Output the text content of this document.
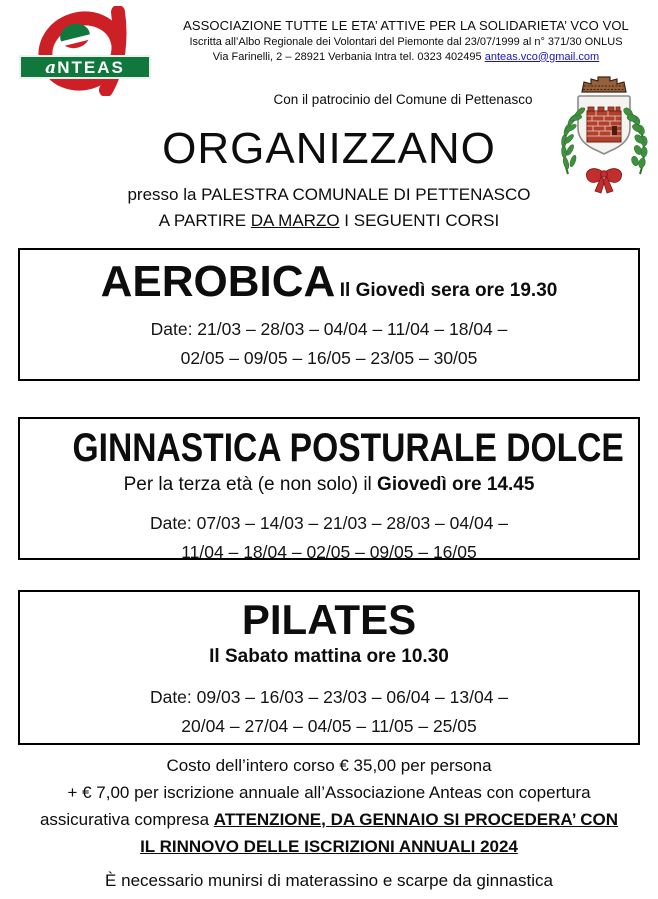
aNTEAS
ASSOCIAZIONE TUTTE LE ETA’ ATTIVE PER LA SOLIDARIETA’ VCO VOL
Iscritta all’Albo Regionale dei Volontari del Piemonte dal 23/07/1999 al n° 371/30 ONLUS
Via Farinelli, 2 – 28921 Verbania Intra tel. 0323 402495 anteas.vco@gmail.com
Con il patrocinio del Comune di Pettenasco
ORGANIZZANO
presso la PALESTRA COMUNALE DI PETTENASCO
A PARTIRE DA MARZO I SEGUENTI CORSI
AEROBICA Il Giovedì sera ore 19.30
Date: 21/03 – 28/03 – 04/04 – 11/04 – 18/04 –
02/05 – 09/05 – 16/05 – 23/05 – 30/05
GINNASTICA POSTURALE DOLCE
Per la terza età (e non solo) il Giovedì ore 14.45
Date: 07/03 – 14/03 – 21/03 – 28/03 – 04/04 –
11/04 – 18/04 – 02/05 – 09/05 – 16/05
PILATES
Il Sabato mattina ore 10.30
Date: 09/03 – 16/03 – 23/03 – 06/04 – 13/04 –
20/04 – 27/04 – 04/05 – 11/05 – 25/05
Costo dell’intero corso € 35,00 per persona
+ € 7,00 per iscrizione annuale all’Associazione Anteas con copertura
assicurativa compresa ATTENZIONE, DA GENNAIO SI PROCEDERA’ CON
IL RINNOVO DELLE ISCRIZIONI ANNUALI 2024
È necessario munirsi di materassino e scarpe da ginnastica
